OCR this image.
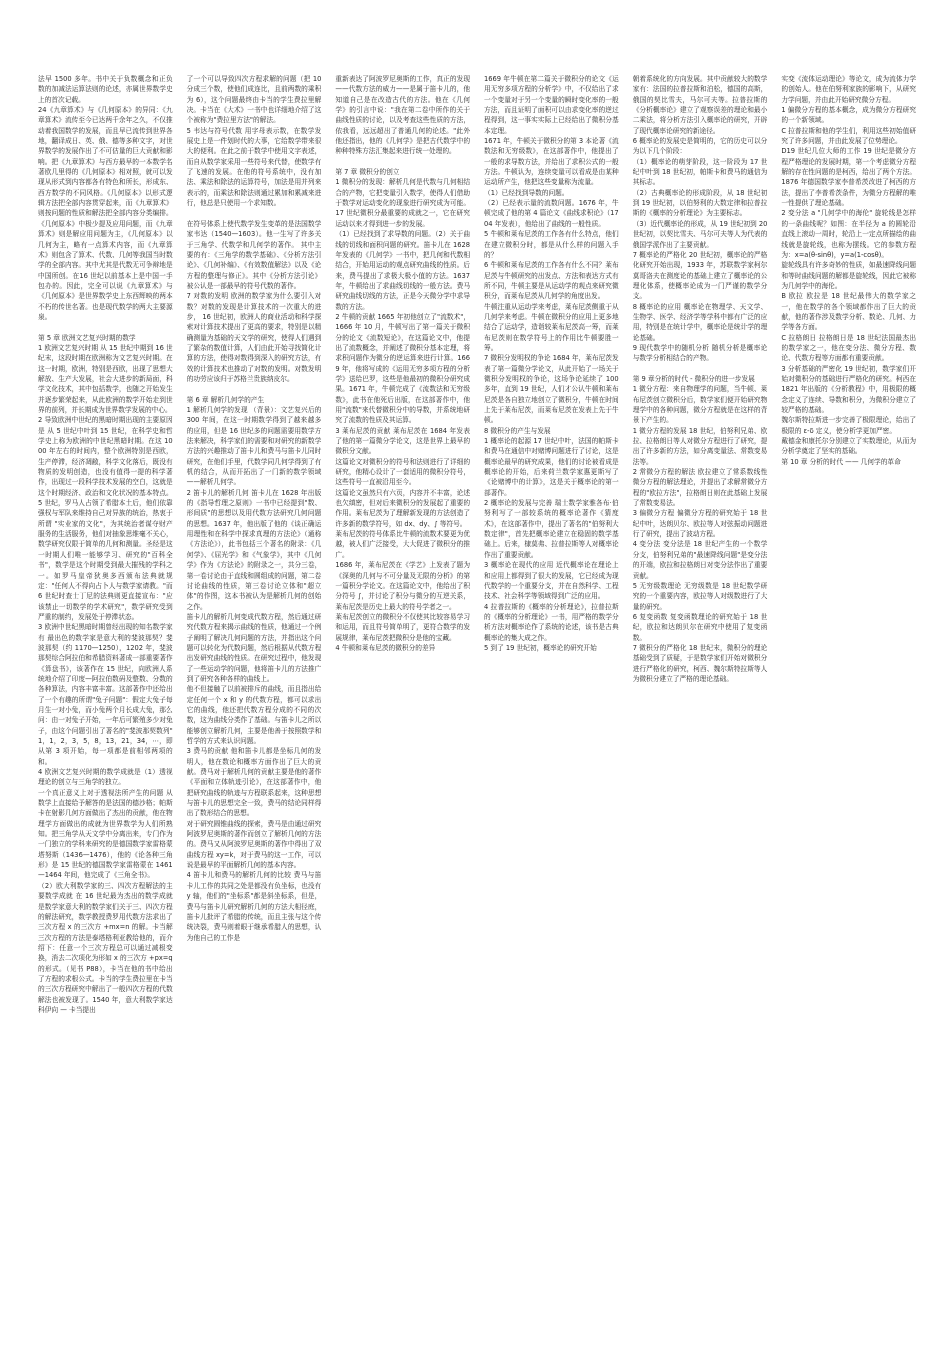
法早 1500 多年。书中关于负数概念和正负数的加减法运算法则的论述，亦属世界数学史上的首次记载。
24《九章算术》与《几何原本》的异同：《九章算术》流传至今已达两千余年之久，不仅推动着我国数学的发展，而且早已流传到世界各地，翻译成日、英、俄、德等多种文字，对世界数学的发展作出了不可估量的巨大贡献和影响。把《九章算术》与西方最早的一本数学名著欧几里得的《几何原本》相对照，就可以发现从形式到内容都各有特色和所长，形成东、西方数学的不同风格。《几何原本》以形式逻辑方法把全部内容贯穿起来，而《九章算术》则按问题的性质和解法把全部内容分类编排。《几何原本》中极少提及应用问题，而《九章算术》则是解应用问题为主，《几何原本》以几何为主，略有一点算术内容，而《九章算术》则包含了算术、代数、几何等我国当时数学的全部内容。其中尤其是代数无可争辩地是中国所创。在16 世纪以前基本上是中国一手包办的。因此，完全可以说《九章算术》与《几何原本》是世界数学史上东西辉映的两本不朽的传世名著。也是现代数学的两大主要源泉。

第 5 章 欧洲文艺复兴时期的数学
1 欧洲文艺复兴时期 从 15 世纪中期到 16 世纪末，这段时期在欧洲称为文艺复兴时期。在这一时期，欧洲，特别是西欧，出现了思想大解放、生产大发展，社会大进步的新局面，科学文化技术，其中包括数学，也随之开始发生并逐步繁荣起来，从此欧洲的数学开始走到世界的前列，并长期成为世界数学发展的中心。
2 导致欧洲中世纪的黑暗时期出现的主要原因是 从 5 世纪中叶到 15 世纪，在科学史和哲学史上称为欧洲的中世纪黑暗时期。在这 1000 年左右的时间内，整个欧洲特别是西欧，生产停滞，经济凋敝，科学文化落后，既没有物质的发明创造，也没有值得一提的科学著作，出现过一段科学技术发展的空白，这就是这个时期经济、政治和文化状况的基本特点。 5 世纪，罗马人占领了希腊本土后，他们依靠强权与军队来维持自己对异族的统治，热衷于所谓 "实业家的文化"，为其统治者谋夺财产服务的生活服务，他们对抽象思维毫不关心，数学研究仅限于简单的几何和测量。圣经是这一时期人们唯一能够学习、研究的"百科全书"，数学是这个时期受到最大摧残的学科之一。如罗马皇帝狄奥多西颁布法典就规定："任何人不得向占卜人与数学家请教。"而 6 世纪时查士丁尼的法典则更直接宣布："应该禁止一切数学的学术研究"，数学研究受到严重的制约，发展处于停滞状态。
3 欧洲中世纪黑暗时期曾经出现的知名数学家有 最出色的数学家是意大利的斐波那契？斐波那契（约 1170—1250），1202 年，斐波那契综合阿拉伯和希腊资料著成一部重要著作《算盘书》，该著作在 15 世纪，向欧洲人系统地介绍了印度—阿拉伯数码及整数、分数的各种算法，内容丰富丰富。这部著作中还给出了一个有趣的所谓"兔子问题"：假定大兔子每月生一对小兔，而小兔两个月长成大兔，那么问：由一对兔子开始，一年后可繁殖多少对兔子，由这个问题引出了著名的"斐波那契数列" 1，1，2，3，5，8，13，21，34，⋯，即从第 3 项开始，每一项都是前相邻两项的和。
4 欧洲文艺复兴时期的数学成就是（1）透视理论的创立与三角学的独立。
一个真正意义上对于透视法所产生的问题 从数学上直接给予解答的是法国的德沙格；帕斯卡在射影几何方面做出了杰出的贡献，他在物理学方面做出的成就为世界数学为人们所熟知。把三角学从天文学中分离出来，专门作为一门独立的学科来研究的是德国数学家雷格蒙塔努斯（1436—1476），他的《论各种三角形》是 15 世纪的德国数学家雷格蒙在 1461—1464 年间，他完成了《三角全书》。
（2）欧大利数学家的三、四次方程解法的主要数学成就 在 16 世纪最为杰出的数学成就是数学家意大利的数学家们关于三、四次方程的解法研究，数学教授费罗用代数方法求出了三次方程 x 的三次方 +mx=n 的解。卡当解三次方程的方法是泰塔格利亚教给他的，而介绍下：任意一个三次方程总可以通过减根变换，消去二次项化为形如 x 的三次方 +px=q 的形式。（见书 P88），卡当在他的书中给出了方程的求根公式。卡当的学生费拉里在卡当的三次方程研究中解出了一般四次方程的代数解法也被发现了。1540 年，意大利数学家达科伊向 — 卡当提出

了一个可以导致四次方程求解的问题（把 10 分成三个数，使他们成连比，且前两数的乘积为 6），这个问题最终由卡当的学生费拉里解决。卡当在《大术》一书中也详细地介绍了这个被称为"费拉里方法"的解法。
5 韦达与符号代数 用字母表示数，在数学发展史上是一件划时代的大事，它给数学带来很大的便利。在此之前于数学中使用文字表述，而自从数学家采用一些符号来代替，使数学有了飞速的发展。在他的符号系统中，没有加法、乘法和除法的运算符号，加法是用并列来表示的，而乘法和除法则通过累加和累减来进行，他总是只使用一个求知数。

在符号体系上使代数学发生变革的是法国数学家韦达（1540—1603）。他一生写了许多关于三角学、代数学和几何学的著作。 其中主要的有：《三角学的数学基础》、《分析方法引论》、《几何补编》、《有效数值解法》以及《论方程的整理与修正》。其中《分析方法引论》被公认是一部最早的符号代数的著作。
7 对数的发明 欧洲的数学家为什么要引入对数？对数的发现是计算技术的一次重大的进步， 16 世纪初，欧洲人的商业活动和科学探索对计算技术提出了更高的要求，特别是以精确测量为基础的天文学的研究，使得人们遇到了繁杂的数值计算，人们由此开始寻找简化计算的方法，使得对数得到深入的研究方法，有效的计算技术也推动了对数的发明。对数发明的功劳应该归于苏格兰贵族纳皮尔。

第 6 章 解析几何学的产生
1 解析几何学的发现 （背景）：文艺复兴后的 300 年间，在这一时期数学得到了越来越多的应用，但是 16 世纪多的问题需要用数学方法来解决，科学家们的需要和对研究的新数学方法的兴趣推动了笛卡儿和费马与笛卡儿同时研究，在他们手里，代数学同几何学得到了有机的结合，从而开拓出了一门新的数学领域——解析几何学。
2 笛卡儿的解析几何 笛卡儿在 1628 年出版的《指导哲理之原则》一书中已经提到"数、形间质"的思想以及用代数方法研究几何问题的思想。1637 年，他出版了他的《谈正确运用理性和在科学中探求真理的方法论》（通称《方法论》），此书包括三个著名的附录：《几何学》、《屈光学》和《气象学》，其中《几何学》作为《方法论》的附录之一，共分三卷，第一卷讨论由于直线和圆组成的问题，第二卷讨论曲线的性质，第三卷讨论立体和"超立体"的作图，这本书被认为是解析几何的创始之作。
笛卡儿的解析几何变成代数方程，然后通过研究代数方程来揭示曲线的性质，他通过一个例子阐明了解决几何问题的方法，并指出这个问题可以转化为代数问题，然后根据从代数方程出发研究曲线的性质。在研究过程中，他发现了一些运动学的问题，他将笛卡儿的方法推广到了研究各种各样的曲线上。
他不但接触了以前被排斥的曲线，而且指出给定任何一个 x 和 y 的代数方程，都可以求出它的曲线，他还把代数方程分成的不同的次数，这为曲线分类作了基础。与笛卡儿之所以能够创立解析几何，主要是他善于按照数学和哲学的方式来认识问题。
3 费马的贡献 他和笛卡儿都是坐标几何的发明人，他在数论和概率方面作出了巨大的贡献。费马对于解析几何的贡献主要是他的著作《平面和立体轨迹引论》，在这部著作中，他把研究曲线的轨迹与方程联系起来，这种思想与笛卡儿的思想完全一致，费马的结论同样得出了数形结合的思想。
对于研究圆锥曲线的探索，费马是由通过研究阿波罗尼奥斯的著作而创立了解析几何的方法的。费马又从阿波罗尼奥斯的著作中得出了双曲线方程 xy=k，对于费马的这一工作，可以说是最早的平面解析几何的基本内容。
4 笛卡儿和费马的解析几何的比较 费马与笛卡儿工作的共同之处是都没有负坐标，也没有 y 轴，他们的"坐标系"都是斜坐标系，但是，费马与笛卡儿研究解析几何的方法大相径庭，笛卡儿批评了希腊的传统，而且主张与这个传统决裂，费马则着眼于继承希腊人的思想，认为他自己的工作是

重新表达了阿波罗尼奥斯的工作，真正的发现——代数方法的威力——是属于笛卡儿的，他知道自己是在改造古代的方法。他在《几何学》的引言中说："我在第二卷中所作的关于曲线性质的讨论，以及考查这些性质的方法，依我看，远远超出了普通几何的论述。"此外他还指出，他的《几何学》是把古代数学中的种种特殊方法汇集起来进行统一处理的。

第 7 章 微积分的创立
1 微积分的发现：解析几何是代数与几何相结合的产物，它把变量引入数学，使得人们借助于数学对运动变化的现象进行研究成为可能。17 世纪微积分最重要的成就之一，它在研究运动以来才得到进一步的发展。
（1）已经找到了求导数的问题。（2）关于曲线的切线和面积问题的研究。笛卡儿在 1628 年发表的《几何学》一书中，把几何和代数相结合，开始用运动的观点研究曲线的性质。后来，费马提出了求极大极小值的方法。1637 年，牛顿给出了求曲线切线的一般方法。费马研究曲线切线的方法，正是今天微分学中求导数的方法。
2 牛顿的贡献 1665 年初他创立了"流数术"，1666 年 10 月，牛顿写出了第一篇关于微积分的论文《流数短论》，在这篇论文中，他提出了流数概念，并阐述了微积分基本定理，将求积问题作为微分的逆运算来进行计算。1669 年，他将写成的《运用无穷多项方程的分析学》送给巴罗，这些是他最初的微积分研究成果。1671 年，牛顿完成了《流数法和无穷级数》，此书在他死后出版，在这部著作中，他用"流数"来代替微积分中的导数，并系统地研究了流数的性质及其运算。
3 莱布尼茨的贡献 莱布尼茨在 1684 年发表了他的第一篇微分学论文，这是世界上最早的微积分文献。
这篇论文对微积分的符号和法则进行了详细的研究，他精心设计了一套适用的微积分符号，这些符号一直被沿用至今。
这篇论文虽然只有六页，内容并不丰富，论述也欠缜密，但对后来微积分的发展起了重要的作用。莱布尼茨为了理解新发现的方法创造了许多新的数学符号，如 dx、dy、∫ 等符号。
莱布尼茨的符号体系比牛顿的流数术要更为优越，被人们广泛接受，大大促进了微积分的推广。
1686 年，莱布尼茨在《学艺》上发表了题为《深奥的几何与不可分量及无限的分析》的第一篇积分学论文。在这篇论文中，他给出了积分符号 ∫，并讨论了积分与微分的互逆关系，莱布尼茨是历史上最大的符号学者之一。
莱布尼茨创立的微积分不仅使其比较容易学习和运用，而且符号简单明了，更符合数学的发展规律，莱布尼茨把微积分是他的宝藏。
4 牛顿和莱布尼茨的微积分的差异

1669 年牛顿在第二篇关于微积分的论文《运用无穷多项方程的分析学》中，不仅给出了求一个变量对于另一个变量的瞬时变化率的一般方法，而且证明了面积可以由求变化率的逆过程得到，这一事实实际上已经给出了微积分基本定理。
1671 年，牛顿关于微积分的第 3 本论著《流数法和无穷级数》，在这部著作中，他提出了一般的求导数方法，并给出了求积公式的一般方法。牛顿认为，连续变量可以看成是由某种运动所产生，他把这些变量称为流量。
（1）已经找到导数的问题。
（2）已经表示量的流数问题。1676 年，牛顿完成了他的第 4 篇论文《曲线求积论》（1704 年发表），他给出了曲线的一般性质。
5 牛顿和莱布尼茨的工作各有什么特点，他们在建立微积分时，都是从什么样的问题入手的？
6 牛顿和莱布尼茨的工作各有什么不同？莱布尼茨与牛顿研究的出发点、方法和表达方式有所不同，牛顿主要是从运动学的观点来研究微积分，而莱布尼茨从几何学的角度出发。
牛顿注重从运动学来考虑，莱布尼茨侧重于从几何学来考虑。牛顿在微积分的应用上更多地结合了运动学，造诣较莱布尼茨高一筹，而莱布尼茨则在数学符号上的作用比牛顿要胜一筹。
7 微积分发明权的争论 1684 年，莱布尼茨发表了第一篇微分学论文，从此开始了一场关于微积分发明权的争论，这场争论延续了 100 多年，直到 19 世纪，人们才公认牛顿和莱布尼茨是各自独立地创立了微积分，牛顿在时间上先于莱布尼茨，而莱布尼茨在发表上先于牛顿。
8 微积分的产生与发展
1 概率论的起源 17 世纪中叶，法国的帕斯卡和费马在通信中对赌博问题进行了讨论，这是概率论最早的研究成果，他们的讨论被看成是概率论的开始，后来荷兰数学家惠更斯写了《论赌博中的计算》，这是关于概率论的第一部著作。
2 概率论的发展与完善 瑞士数学家雅各布·伯努利写了一部较系统的概率论著作《猜度术》，在这部著作中，提出了著名的"伯努利大数定律"，首先把概率论建立在稳固的数学基础上。后来，棣莫弗、拉普拉斯等人对概率论作出了重要贡献。
3 概率论在现代的应用 近代概率论在理论上和应用上都得到了很大的发展，它已经成为现代数学的一个重要分支，并在自然科学、工程技术、社会科学等领域得到广泛的应用。
4 拉普拉斯的《概率的分析理论》，拉普拉斯的《概率的分析理论》一书，用严格的数学分析方法对概率论作了系统的论述，该书是古典概率论的集大成之作。
5 到了 19 世纪初，概率论的研究开始

朝着系统化的方向发展。其中贡献较大的数学家有：法国的拉普拉斯和泊松，德国的高斯，俄国的契比雪夫，马尔可夫等。拉普拉斯的《分析概率论》建立了观察误差的理论和最小二乘法，将分析方法引入概率论的研究，开辟了现代概率论研究的新途径。
6 概率论的发展史是简明的，它的历史可以分为以下几个阶段：
（1）概率论的萌芽阶段，这一阶段为 17 世纪中叶到 18 世纪初，帕斯卡和费马的通信为其标志。
（2）古典概率论的形成阶段，从 18 世纪初到 19 世纪初，以伯努利的大数定律和拉普拉斯的《概率的分析理论》为主要标志。
（3）近代概率论的形成，从 19 世纪初到 20 世纪初，以契比雪夫、马尔可夫等人为代表的俄国学派作出了主要贡献。
7 概率论的严格化 20 世纪初，概率论的严格化研究开始出现，1933 年，苏联数学家柯尔莫哥洛夫在测度论的基础上建立了概率论的公理化体系，使概率论成为一门严谨的数学分支。
8 概率论的应用 概率论在物理学、天文学、生物学、医学、经济学等学科中都有广泛的应用，特别是在统计学中，概率论是统计学的理论基础。
9 现代数学中的随机分析 随机分析是概率论与数学分析相结合的产物。

第 9 章分析的时代 - 微积分的进一步发展
1 微分方程：来自物理学的问题，当牛顿、莱布尼茨创立微积分后，数学家们便开始研究物理学中的各种问题，微分方程就是在这样的背景下产生的。
1 微分方程的发展 18 世纪，伯努利兄弟、欧拉、拉格朗日等人对微分方程进行了研究，提出了许多新的方法，如分离变量法、常数变易法等。
2 常微分方程的解法 欧拉建立了常系数线性微分方程的解法理论，并提出了求解常微分方程的"欧拉方法"，拉格朗日则在此基础上发展了常数变易法。
3 偏微分方程 偏微分方程的研究始于 18 世纪中叶，达朗贝尔、欧拉等人对弦振动问题进行了研究，提出了波动方程。
4 变分法 变分法是 18 世纪产生的一个数学分支，伯努利兄弟的"最速降线问题"是变分法的开端，欧拉和拉格朗日对变分法作出了重要贡献。
5 无穷级数理论 无穷级数是 18 世纪数学研究的一个重要内容，欧拉等人对级数进行了大量的研究。
6 复变函数 复变函数理论的研究始于 18 世纪，欧拉和达朗贝尔在研究中使用了复变函数。
7 微积分的严格化 18 世纪末，微积分的理论基础受到了质疑，于是数学家们开始对微积分进行严格化的研究，柯西、魏尔斯特拉斯等人为微积分建立了严格的理论基础。

实变《流体运动理论》等论文，成为流体力学的创始人。他在伯努利家族的影响下，从研究力学问题，并由此开始研究微分方程。
1 偏微分方程的基本概念，成为微分方程研究的一个新领域。
C 拉普拉斯和他的学生们，利用这些初始值研究了许多问题，并由此发展了位势理论。
D19 世纪几位大师的工作 19 世纪是微分方程严格理论的发展时期，第一个考虑微分方程解的存在性问题的是柯西，给出了两个方法。1876 年德国数学家李普希茨改进了柯西的方法，提出了李普希茨条件，为微分方程解的唯一性提供了理论基础。
2 变分法 a "几何学中的海伦" 旋轮线是怎样的一条曲线呢？如图：在半径为 a 的圆轮沿直线上滚动一周时，轮沿上一定点所描绘的曲线就是旋轮线，也称为摆线。它的参数方程为：x=a(θ-sinθ)，y=a(1-cosθ)。
旋轮线具有许多奇妙的性质，如最速降线问题和等时曲线问题的解都是旋轮线，因此它被称为几何学中的海伦。
B 欧拉 欧拉是 18 世纪最伟大的数学家之一，他在数学的各个领域都作出了巨大的贡献，他的著作涉及数学分析、数论、几何、力学等各方面。
C 拉格朗日 拉格朗日是 18 世纪法国最杰出的数学家之一，他在变分法、微分方程、数论、代数方程等方面都有重要贡献。
3 分析基础的严密化 19 世纪初，数学家们开始对微积分的基础进行严格化的研究。柯西在 1821 年出版的《分析教程》中，用极限的概念定义了连续、导数和积分，为微积分建立了较严格的基础。
魏尔斯特拉斯进一步完善了极限理论，给出了极限的 ε-δ 定义，使分析学更加严密。
戴德金和康托尔分别建立了实数理论，从而为分析学奠定了坚实的基础。
第 10 章 分析的时代 —— 几何学的革命
